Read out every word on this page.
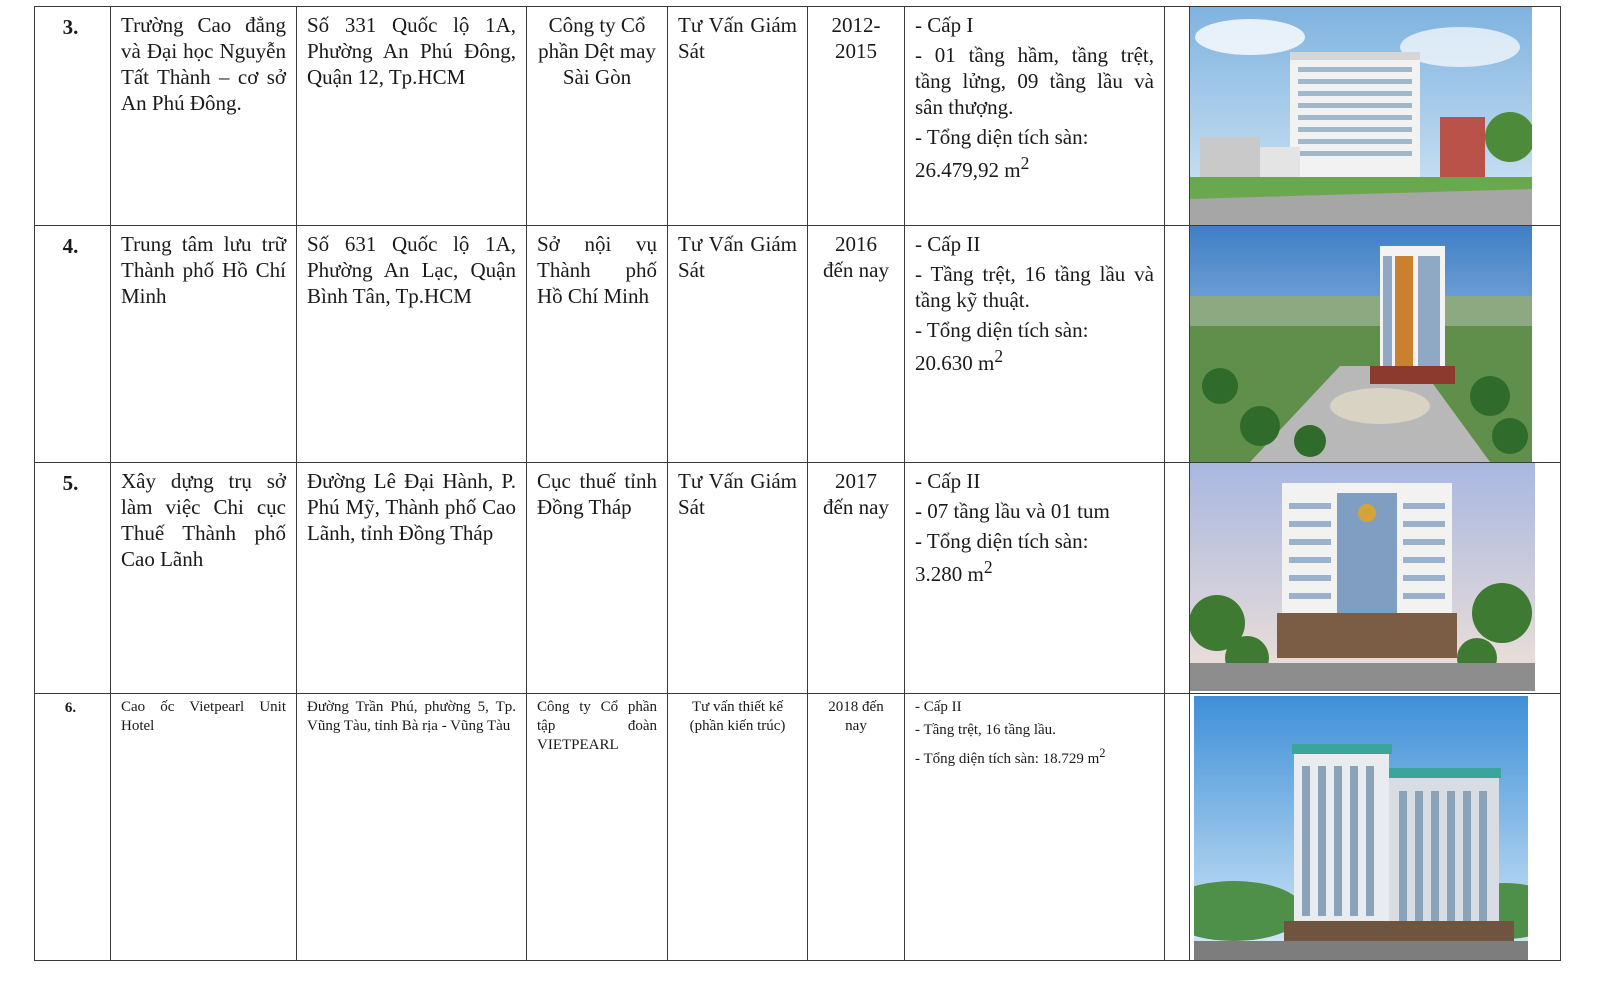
3.	Trường Cao đẳng và Đại học Nguyễn Tất Thành – cơ sở An Phú Đông.	Số 331 Quốc lộ 1A, Phường An Phú Đông, Quận 12, Tp.HCM	Công ty Cổ phần Dệt may Sài Gòn	Tư Vấn Giám Sát	2012-2015	- Cấp I

- 01 tầng hầm, tầng trệt, tầng lửng, 09 tầng lầu và sân thượng.

- Tổng diện tích sàn:
26.479,92 $m^2$

4.	Trung tâm lưu trữ Thành phố Hồ Chí Minh	Số 631 Quốc lộ 1A, Phường An Lạc, Quận Bình Tân, Tp.HCM	Sở nội vụ Thành phố Hồ Chí Minh	Tư Vấn Giám Sát	2016 đến nay	- Cấp II

- Tầng trệt, 16 tầng lầu và tầng kỹ thuật.

- Tổng diện tích sàn:
20.630 $m^2$

5.	Xây dựng trụ sở làm việc Chi cục Thuế Thành phố Cao Lãnh	Đường Lê Đại Hành, P. Phú Mỹ, Thành phố Cao Lãnh, tỉnh Đồng Tháp	Cục thuế tỉnh Đồng Tháp	Tư Vấn Giám Sát	2017 đến nay	- Cấp II

- 07 tầng lầu và 01 tum

- Tổng diện tích sàn:
3.280 $m^2$

6.	Cao ốc Vietpearl Unit Hotel	Đường Trần Phú, phường 5, Tp. Vũng Tàu, tỉnh Bà rịa - Vũng Tàu	Công ty Cổ phần tập đoàn VIETPEARL	Tư vấn thiết kế (phần kiến trúc)	2018 đến nay	- Cấp II

- Tầng trệt, 16 tầng lầu.

- Tổng diện tích sàn: 18.729 $m^2$
